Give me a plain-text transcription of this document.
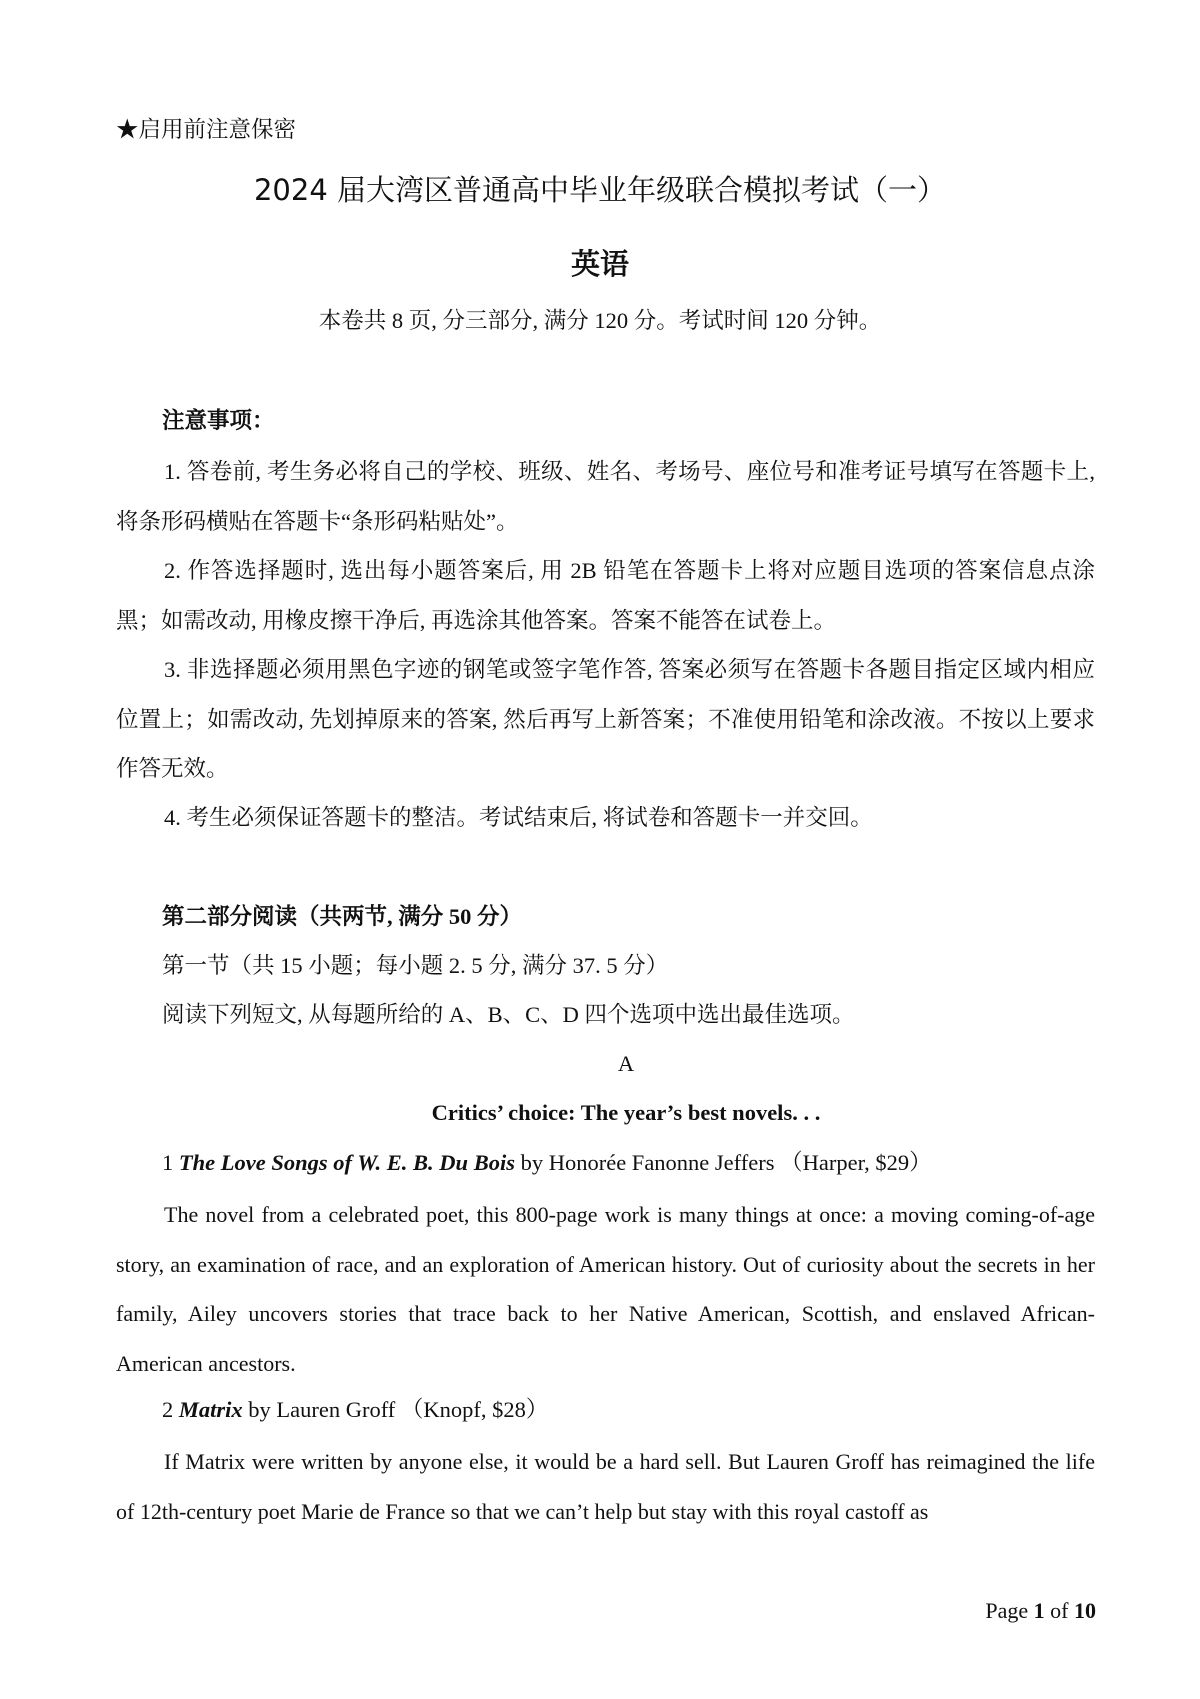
★启用前注意保密
2024 届大湾区普通高中毕业年级联合模拟考试（一）
英语
本卷共 8 页, 分三部分, 满分 120 分。考试时间 120 分钟。
注意事项：
1. 答卷前, 考生务必将自己的学校、班级、姓名、考场号、座位号和准考证号填写在答题卡上, 将条形码横贴在答题卡“条形码粘贴处”。
2. 作答选择题时, 选出每小题答案后, 用 2B 铅笔在答题卡上将对应题目选项的答案信息点涂黑；如需改动, 用橡皮擦干净后, 再选涂其他答案。答案不能答在试卷上。
3. 非选择题必须用黑色字迹的钢笔或签字笔作答, 答案必须写在答题卡各题目指定区域内相应位置上；如需改动, 先划掉原来的答案, 然后再写上新答案；不准使用铅笔和涂改液。不按以上要求作答无效。
4. 考生必须保证答题卡的整洁。考试结束后, 将试卷和答题卡一并交回。
第二部分阅读（共两节, 满分 50 分）
第一节（共 15 小题；每小题 2. 5 分, 满分 37. 5 分）
阅读下列短文, 从每题所给的 A、B、C、D 四个选项中选出最佳选项。
A
Critics’ choice: The year’s best novels. . .
1 The Love Songs of W. E. B. Du Bois by Honorée Fanonne Jeffers （Harper, $29）
The novel from a celebrated poet, this 800-page work is many things at once: a moving coming-of-age story, an examination of race, and an exploration of American history. Out of curiosity about the secrets in her family, Ailey uncovers stories that trace back to her Native American, Scottish, and enslaved African-American ancestors.
2 Matrix by Lauren Groff （Knopf, $28）
If Matrix were written by anyone else, it would be a hard sell. But Lauren Groff has reimagined the life of 12th-century poet Marie de France so that we can’t help but stay with this royal castoff as
Page 1 of 10
